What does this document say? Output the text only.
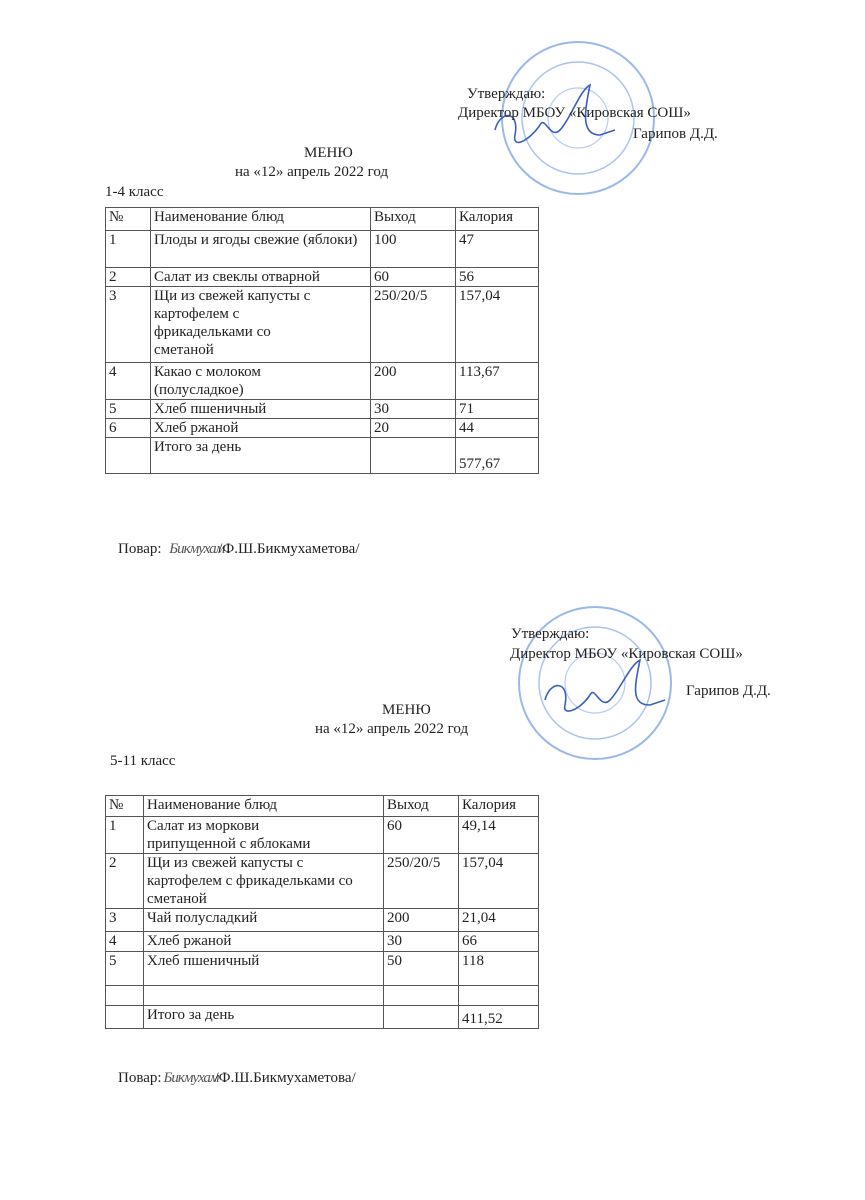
Утверждаю:
Директор МБОУ «Кировская СОШ»
Гарипов Д.Д.
МЕНЮ
на «12» апрель 2022 год
1-4 класс
№	Наименование блюд	Выход	Калория
1	Плоды и ягоды свежие (яблоки)	100	47
2	Салат из свеклы отварной	60	56
3	Щи из свежей капусты с картофелем с фрикадельками со сметаной	250/20/5	157,04
4	Какао с молоком (полусладкое)	200	113,67
5	Хлеб пшеничный	30	71
6	Хлеб ржаной	20	44
	Итого за день		577,67
Повар: Бикмухам/Ф.Ш.Бикмухаметова/
Утверждаю:
Директор МБОУ «Кировская СОШ»
Гарипов Д.Д.
МЕНЮ
на «12» апрель 2022 год
5-11 класс
№	Наименование блюд	Выход	Калория
1	Салат из моркови припущенной с яблоками	60	49,14
2	Щи из свежей капусты с картофелем с фрикадельками со сметаной	250/20/5	157,04
3	Чай полусладкий	200	21,04
4	Хлеб ржаной	30	66
5	Хлеб пшеничный	50	118

	Итого за день		411,52
Повар: Бикмухам/Ф.Ш.Бикмухаметова/
